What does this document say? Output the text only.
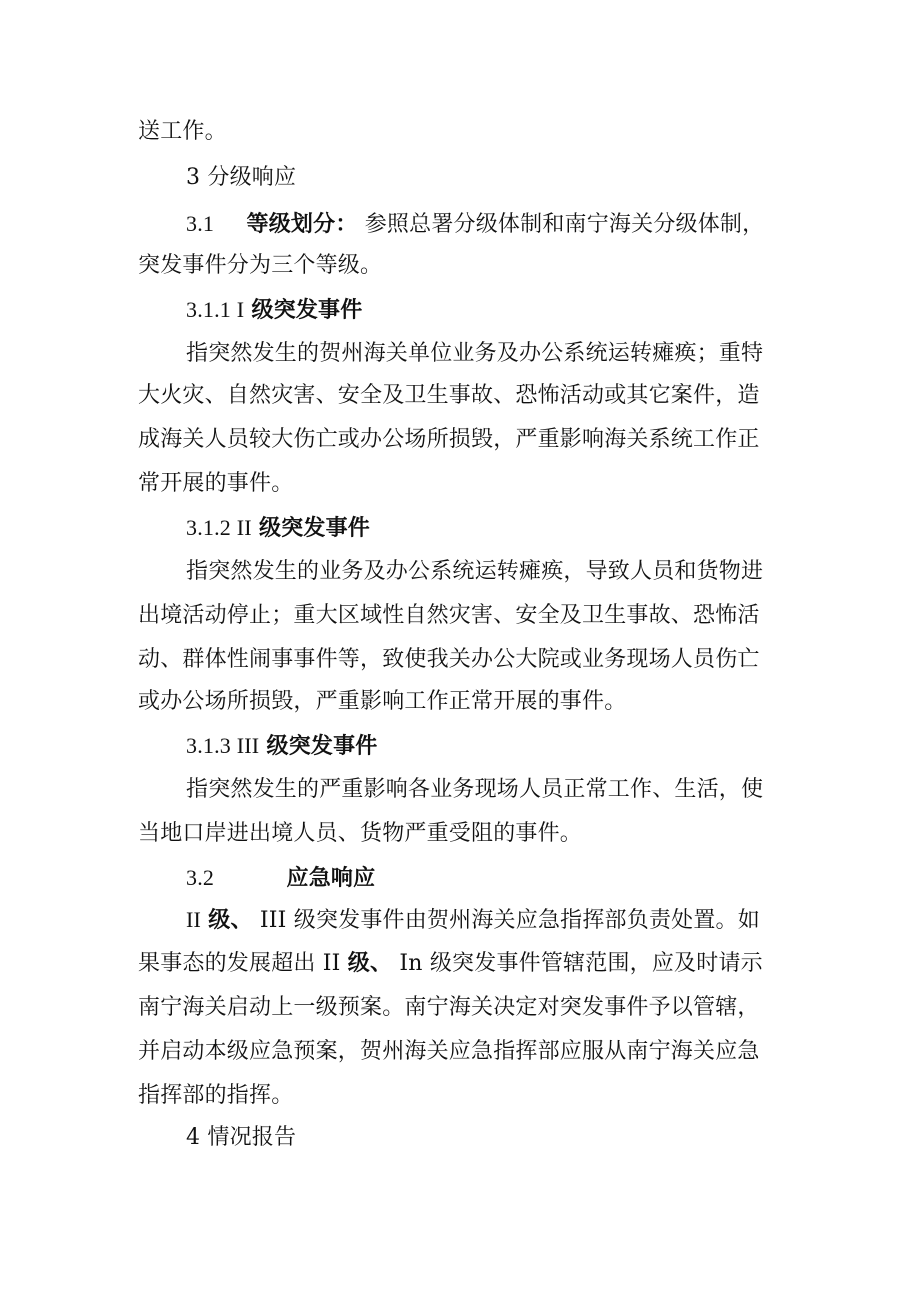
送工作。
3 分级响应
3.1 等级划分： 参照总署分级体制和南宁海关分级体制，
突发事件分为三个等级。
3.1.1 I 级突发事件
指突然发生的贺州海关单位业务及办公系统运转瘫痪；重特
大火灾、自然灾害、安全及卫生事故、恐怖活动或其它案件，造
成海关人员较大伤亡或办公场所损毁，严重影响海关系统工作正
常开展的事件。
3.1.2 II 级突发事件
指突然发生的业务及办公系统运转瘫痪，导致人员和货物进
出境活动停止；重大区域性自然灾害、安全及卫生事故、恐怖活
动、群体性闹事事件等，致使我关办公大院或业务现场人员伤亡
或办公场所损毁，严重影响工作正常开展的事件。
3.1.3 III 级突发事件
指突然发生的严重影响各业务现场人员正常工作、生活，使
当地口岸进出境人员、货物严重受阻的事件。
3.2	应急响应
II 级、 III 级突发事件由贺州海关应急指挥部负责处置。如
果事态的发展超出 II 级、 In 级突发事件管辖范围，应及时请示
南宁海关启动上一级预案。南宁海关决定对突发事件予以管辖，
并启动本级应急预案，贺州海关应急指挥部应服从南宁海关应急
指挥部的指挥。
4 情况报告
